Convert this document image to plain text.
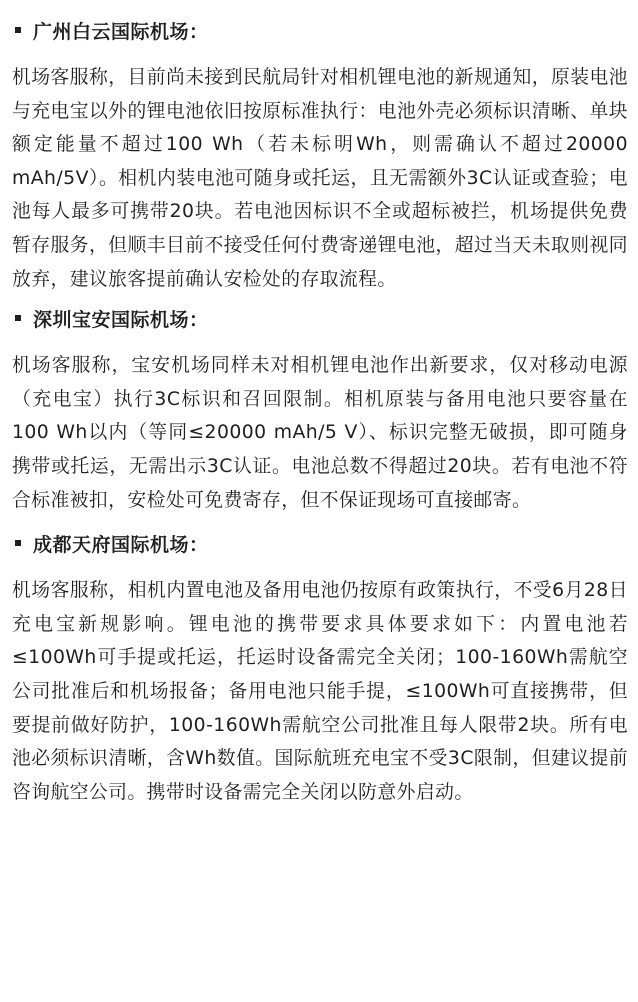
广州白云国际机场：

机场客服称，目前尚未接到民航局针对相机锂电池的新规通知，原装电池与充电宝以外的锂电池依旧按原标准执行：电池外壳必须标识清晰、单块额定能量不超过100 Wh（若未标明Wh，则需确认不超过20000 mAh/5V）。相机内装电池可随身或托运，且无需额外3C认证或查验；电池每人最多可携带20块。若电池因标识不全或超标被拦，机场提供免费暂存服务，但顺丰目前不接受任何付费寄递锂电池，超过当天未取则视同放弃，建议旅客提前确认安检处的存取流程。

深圳宝安国际机场：

机场客服称，宝安机场同样未对相机锂电池作出新要求，仅对移动电源（充电宝）执行3C标识和召回限制。相机原装与备用电池只要容量在100 Wh以内（等同≤20000 mAh/5 V）、标识完整无破损，即可随身携带或托运，无需出示3C认证。电池总数不得超过20块。若有电池不符合标准被扣，安检处可免费寄存，但不保证现场可直接邮寄。

成都天府国际机场：

机场客服称，相机内置电池及备用电池仍按原有政策执行，不受6月28日充电宝新规影响。锂电池的携带要求具体要求如下：内置电池若≤100Wh可手提或托运，托运时设备需完全关闭；100-160Wh需航空公司批准后和机场报备；备用电池只能手提，≤100Wh可直接携带，但要提前做好防护，100-160Wh需航空公司批准且每人限带2块。所有电池必须标识清晰，含Wh数值。国际航班充电宝不受3C限制，但建议提前咨询航空公司。携带时设备需完全关闭以防意外启动。
